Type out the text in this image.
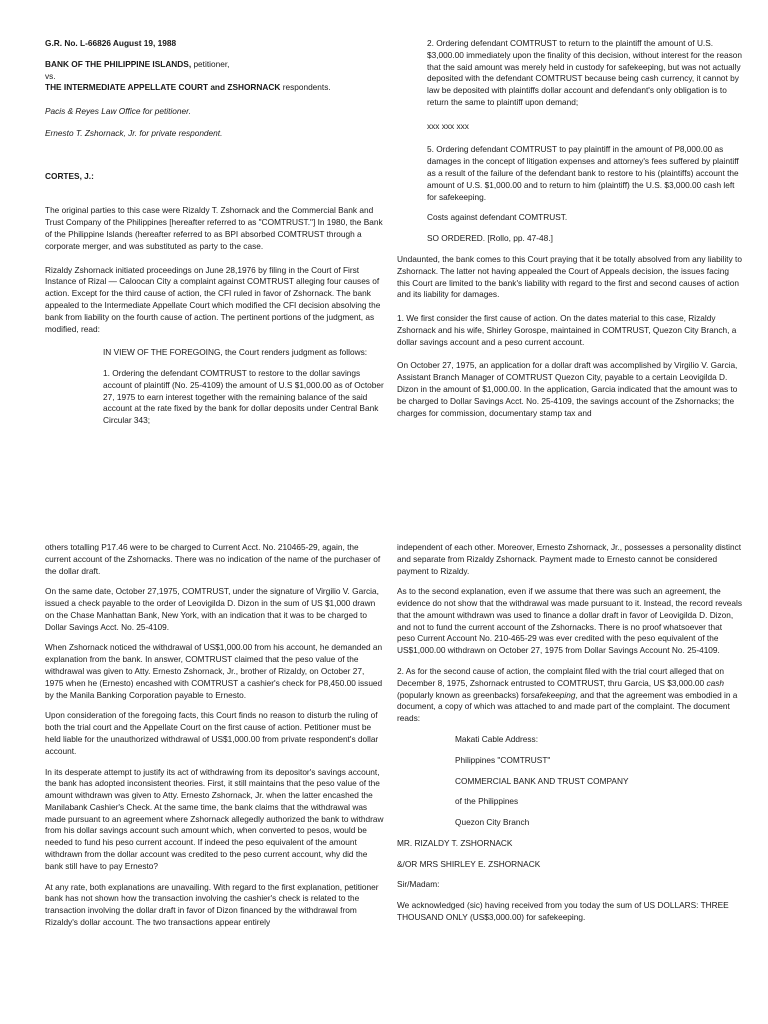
G.R. No. L-66826 August 19, 1988

BANK OF THE PHILIPPINE ISLANDS, petitioner,

vs.

THE INTERMEDIATE APPELLATE COURT and ZSHORNACK respondents.

Pacis & Reyes Law Office for petitioner.

Ernesto T. Zshornack, Jr. for private respondent.

CORTES, J.:

The original parties to this case were Rizaldy T. Zshornack and the Commercial Bank and Trust Company of the Philippines [hereafter referred to as "COMTRUST."] In 1980, the Bank of the Philippine Islands (hereafter referred to as BPI absorbed COMTRUST through a corporate merger, and was substituted as party to the case.

Rizaldy Zshornack initiated proceedings on June 28,1976 by filing in the Court of First Instance of Rizal — Caloocan City a complaint against COMTRUST alleging four causes of action. Except for the third cause of action, the CFI ruled in favor of Zshornack. The bank appealed to the Intermediate Appellate Court which modified the CFI decision absolving the bank from liability on the fourth cause of action. The pertinent portions of the judgment, as modified, read:

IN VIEW OF THE FOREGOING, the Court renders judgment as follows:

1. Ordering the defendant COMTRUST to restore to the dollar savings account of plaintiff (No. 25-4109) the amount of U.S $1,000.00 as of October 27, 1975 to earn interest together with the remaining balance of the said account at the rate fixed by the bank for dollar deposits under Central Bank Circular 343;

2. Ordering defendant COMTRUST to return to the plaintiff the amount of U.S. $3,000.00 immediately upon the finality of this decision, without interest for the reason that the said amount was merely held in custody for safekeeping, but was not actually deposited with the defendant COMTRUST because being cash currency, it cannot by law be deposited with plaintiffs dollar account and defendant's only obligation is to return the same to plaintiff upon demand;

xxx xxx xxx

5. Ordering defendant COMTRUST to pay plaintiff in the amount of P8,000.00 as damages in the concept of litigation expenses and attorney's fees suffered by plaintiff as a result of the failure of the defendant bank to restore to his (plaintiffs) account the amount of U.S. $1,000.00 and to return to him (plaintiff) the U.S. $3,000.00 cash left for safekeeping.

Costs against defendant COMTRUST.

SO ORDERED. [Rollo, pp. 47-48.]

Undaunted, the bank comes to this Court praying that it be totally absolved from any liability to Zshornack. The latter not having appealed the Court of Appeals decision, the issues facing this Court are limited to the bank's liability with regard to the first and second causes of action and its liability for damages.

1. We first consider the first cause of action. On the dates material to this case, Rizaldy Zshornack and his wife, Shirley Gorospe, maintained in COMTRUST, Quezon City Branch, a dollar savings account and a peso current account.

On October 27, 1975, an application for a dollar draft was accomplished by Virgilio V. Garcia, Assistant Branch Manager of COMTRUST Quezon City, payable to a certain Leovigilda D. Dizon in the amount of $1,000.00. In the application, Garcia indicated that the amount was to be charged to Dollar Savings Acct. No. 25-4109, the savings account of the Zshornacks; the charges for commission, documentary stamp tax and

others totalling P17.46 were to be charged to Current Acct. No. 210465-29, again, the current account of the Zshornacks. There was no indication of the name of the purchaser of the dollar draft.

On the same date, October 27,1975, COMTRUST, under the signature of Virgilio V. Garcia, issued a check payable to the order of Leovigilda D. Dizon in the sum of US $1,000 drawn on the Chase Manhattan Bank, New York, with an indication that it was to be charged to Dollar Savings Acct. No. 25-4109.

When Zshornack noticed the withdrawal of US$1,000.00 from his account, he demanded an explanation from the bank. In answer, COMTRUST claimed that the peso value of the withdrawal was given to Atty. Ernesto Zshornack, Jr., brother of Rizaldy, on October 27, 1975 when he (Ernesto) encashed with COMTRUST a cashier's check for P8,450.00 issued by the Manila Banking Corporation payable to Ernesto.

Upon consideration of the foregoing facts, this Court finds no reason to disturb the ruling of both the trial court and the Appellate Court on the first cause of action. Petitioner must be held liable for the unauthorized withdrawal of US$1,000.00 from private respondent's dollar account.

In its desperate attempt to justify its act of withdrawing from its depositor's savings account, the bank has adopted inconsistent theories. First, it still maintains that the peso value of the amount withdrawn was given to Atty. Ernesto Zshornack, Jr. when the latter encashed the Manilabank Cashier's Check. At the same time, the bank claims that the withdrawal was made pursuant to an agreement where Zshornack allegedly authorized the bank to withdraw from his dollar savings account such amount which, when converted to pesos, would be needed to fund his peso current account. If indeed the peso equivalent of the amount withdrawn from the dollar account was credited to the peso current account, why did the bank still have to pay Ernesto?

At any rate, both explanations are unavailing. With regard to the first explanation, petitioner bank has not shown how the transaction involving the cashier's check is related to the transaction involving the dollar draft in favor of Dizon financed by the withdrawal from Rizaldy's dollar account. The two transactions appear entirely

independent of each other. Moreover, Ernesto Zshornack, Jr., possesses a personality distinct and separate from Rizaldy Zshornack. Payment made to Ernesto cannot be considered payment to Rizaldy.

As to the second explanation, even if we assume that there was such an agreement, the evidence do not show that the withdrawal was made pursuant to it. Instead, the record reveals that the amount withdrawn was used to finance a dollar draft in favor of Leovigilda D. Dizon, and not to fund the current account of the Zshornacks. There is no proof whatsoever that peso Current Account No. 210-465-29 was ever credited with the peso equivalent of the US$1,000.00 withdrawn on October 27, 1975 from Dollar Savings Account No. 25-4109.

2. As for the second cause of action, the complaint filed with the trial court alleged that on December 8, 1975, Zshornack entrusted to COMTRUST, thru Garcia, US $3,000.00 cash (popularly known as greenbacks) forsafekeeping, and that the agreement was embodied in a document, a copy of which was attached to and made part of the complaint. The document reads:

Makati Cable Address:

Philippines "COMTRUST"

COMMERCIAL BANK AND TRUST COMPANY

of the Philippines

Quezon City Branch

MR. RIZALDY T. ZSHORNACK

&/OR MRS SHIRLEY E. ZSHORNACK

Sir/Madam:

We acknowledged (sic) having received from you today the sum of US DOLLARS: THREE THOUSAND ONLY (US$3,000.00) for safekeeping.
